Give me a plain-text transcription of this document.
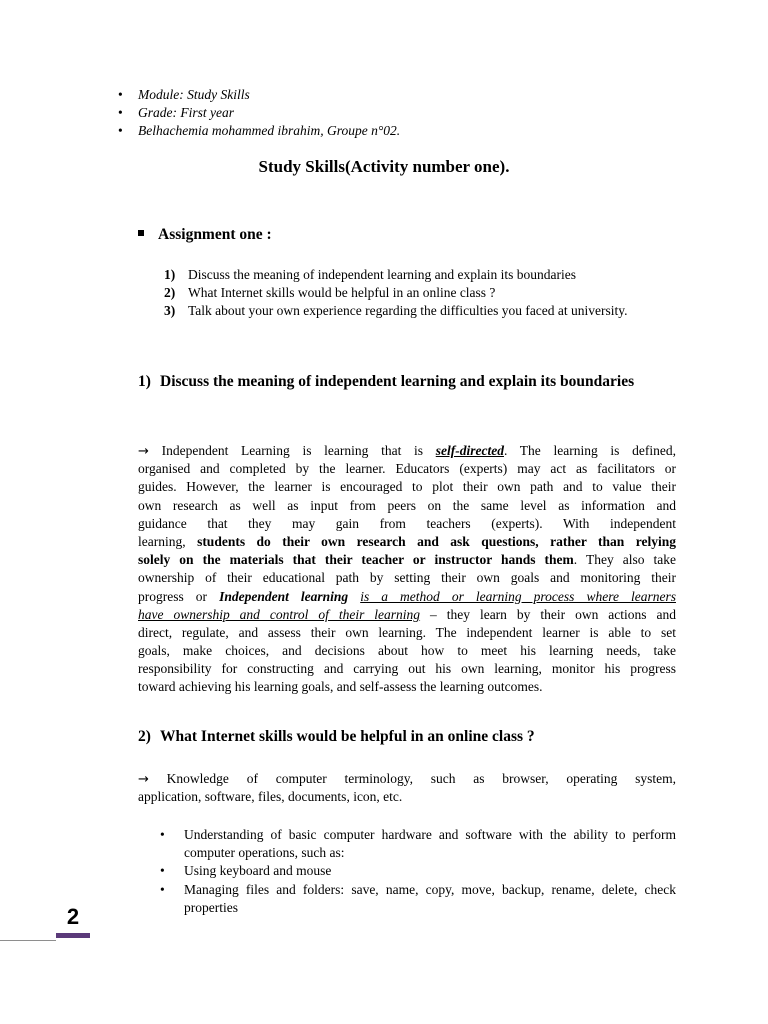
• Module: Study Skills
• Grade: First year
• Belhachemia mohammed ibrahim, Groupe n°02.
Study Skills(Activity number one).
Assignment one :
1) Discuss the meaning of independent learning and explain its boundaries
2) What Internet skills would be helpful in an online class ?
3) Talk about your own experience regarding the difficulties you faced at university.
1) Discuss the meaning of independent learning and explain its boundaries
→ Independent Learning is learning that is self-directed. The learning is defined,
organised and completed by the learner. Educators (experts) may act as facilitators or
guides. However, the learner is encouraged to plot their own path and to value their
own research as well as input from peers on the same level as information and
guidance that they may gain from teachers (experts). With independent
learning, students do their own research and ask questions, rather than relying
solely on the materials that their teacher or instructor hands them. They also take
ownership of their educational path by setting their own goals and monitoring their
progress or Independent learning is a method or learning process where learners
have ownership and control of their learning – they learn by their own actions and
direct, regulate, and assess their own learning. The independent learner is able to set
goals, make choices, and decisions about how to meet his learning needs, take
responsibility for constructing and carrying out his own learning, monitor his progress
toward achieving his learning goals, and self-assess the learning outcomes.
2) What Internet skills would be helpful in an online class ?
→ Knowledge of computer terminology, such as browser, operating system,
application, software, files, documents, icon, etc.
• Understanding of basic computer hardware and software with the ability to perform computer operations, such as:
• Using keyboard and mouse
• Managing files and folders: save, name, copy, move, backup, rename, delete, check properties
2
